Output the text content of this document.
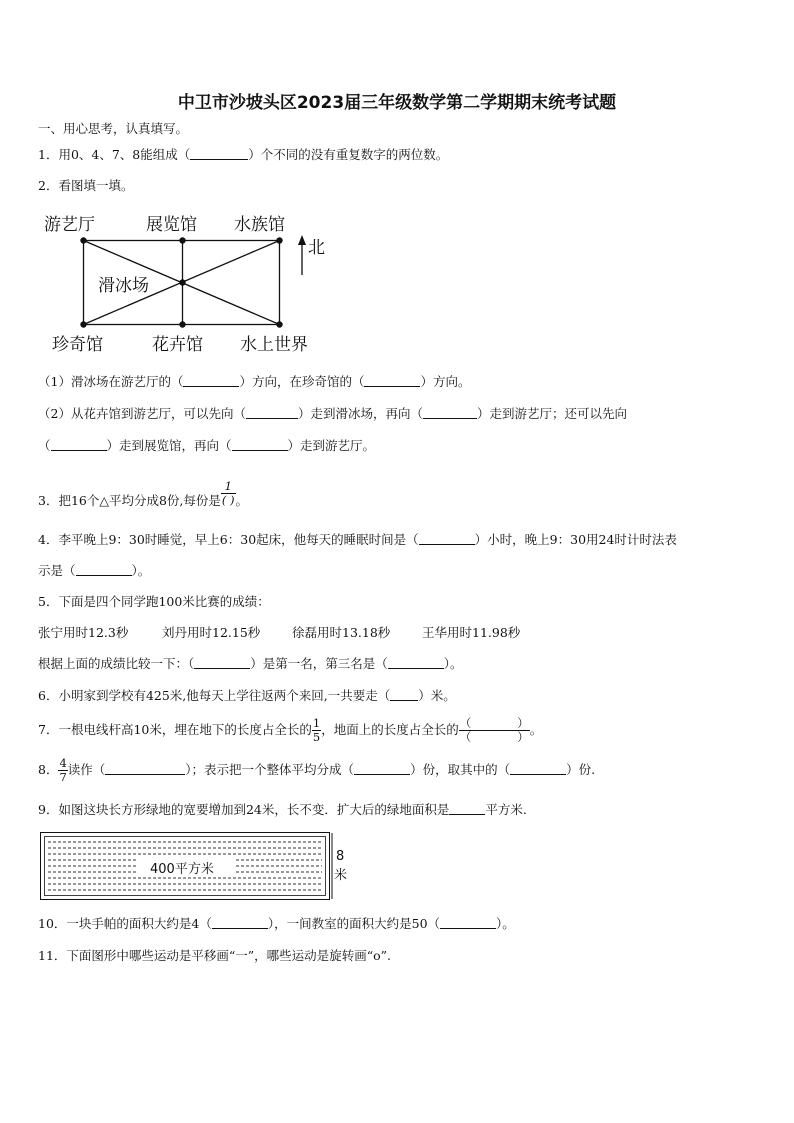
中卫市沙坡头区2023届三年级数学第二学期期末统考试题
一、用心思考，认真填写。
1．用0、4、7、8能组成（	）个不同的没有重复数字的两位数。
2．看图填一填。
游艺厅	展览馆 水族馆
珍奇馆	花卉馆 水上世界
滑冰场
北
（1）滑冰场在游艺厅的（	）方向，在珍奇馆的（	）方向。
（2）从花卉馆到游艺厅，可以先向（	）走到滑冰场，再向（	）走到游艺厅；还可以先向
（	）走到展览馆，再向（	）走到游艺厅。
3．把16个△平均分成8份,每份是 $\frac{1}{( )}$ 。
4．李平晚上9：30时睡觉，早上6：30起床，他每天的睡眠时间是（	）小时，晚上9：30用24时计时法表
示是（	）。
5．下面是四个同学跑100米比赛的成绩：
张宁用时12.3秒	刘丹用时12.15秒	徐磊用时13.18秒	王华用时11.98秒
根据上面的成绩比较一下：（	）是第一名，第三名是（	）。
6．小明家到学校有425米,他每天上学往返两个来回,一共要走（ ）米。
7．一根电线杆高10米，埋在地下的长度占全长的 $\frac{1}{5}$ ，地面上的长度占全长的 $\frac{( )}{( )}$ 。
8． $\frac{4}{7}$ 读作（	）；表示把一个整体平均分成（	）份，取其中的（	）份.
9．如图这块长方形绿地的宽要增加到24米，长不变．扩大后的绿地面积是	平方米.
400平方米
8
米
10．一块手帕的面积大约是4（	），一间教室的面积大约是50（	）。
11．下面图形中哪些运动是平移画“一”，哪些运动是旋转画“o”.
